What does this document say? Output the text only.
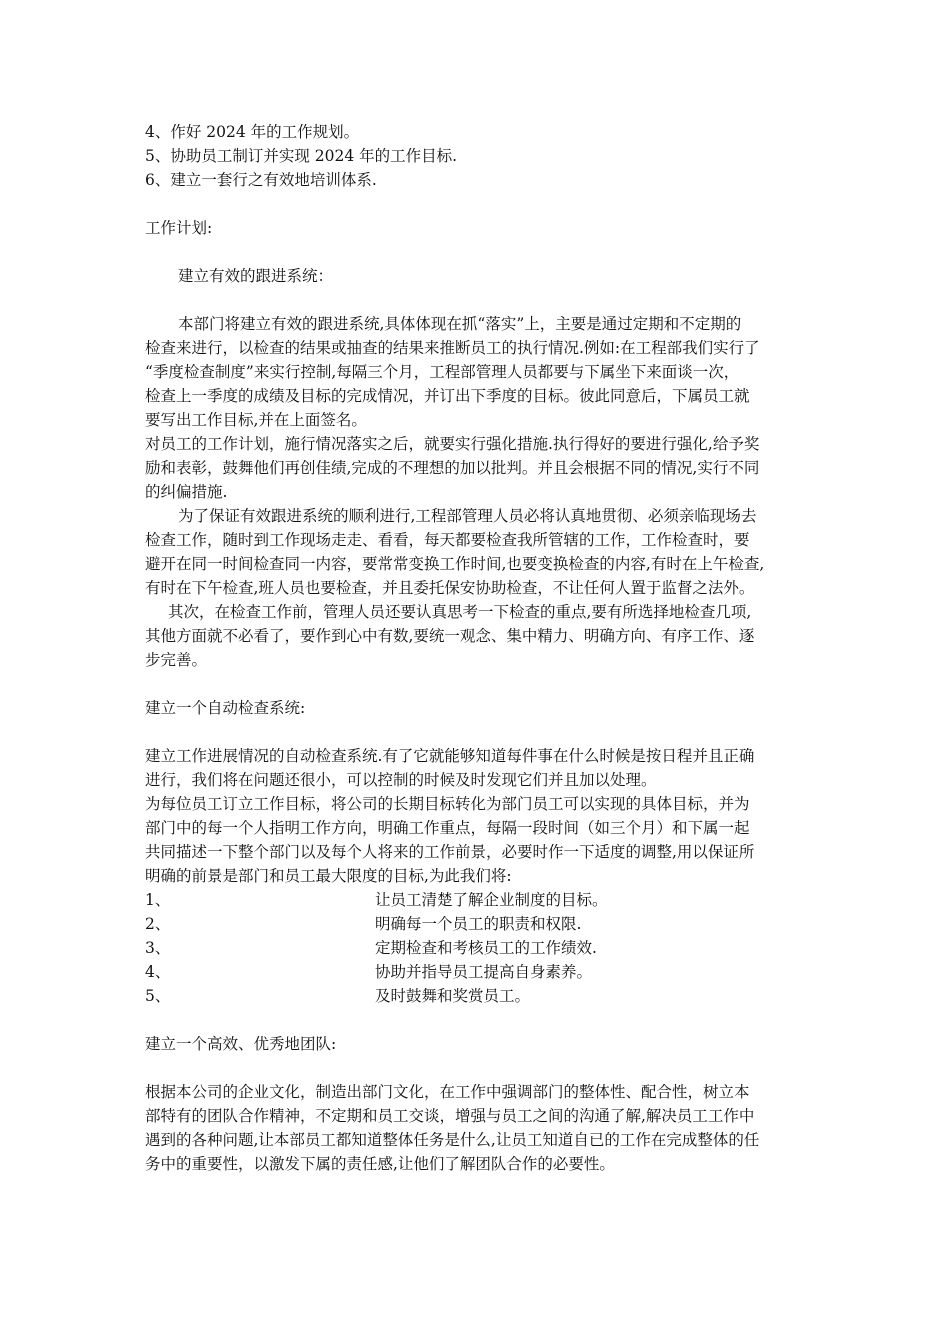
4、作好 2024 年的工作规划。
5、协助员工制订并实现 2024 年的工作目标.
6、建立一套行之有效地培训体系.
工作计划:
建立有效的跟进系统：
本部门将建立有效的跟进系统,具体体现在抓“落实”上，主要是通过定期和不定期的
检查来进行，以检查的结果或抽查的结果来推断员工的执行情况.例如:在工程部我们实行了
“季度检查制度”来实行控制,每隔三个月，工程部管理人员都要与下属坐下来面谈一次，
检查上一季度的成绩及目标的完成情况，并订出下季度的目标。彼此同意后，下属员工就
要写出工作目标,并在上面签名。
对员工的工作计划，施行情况落实之后，就要实行强化措施.执行得好的要进行强化,给予奖
励和表彰，鼓舞他们再创佳绩,完成的不理想的加以批判。并且会根据不同的情况,实行不同
的纠偏措施.
为了保证有效跟进系统的顺利进行,工程部管理人员必将认真地贯彻、必须亲临现场去
检查工作，随时到工作现场走走、看看，每天都要检查我所管辖的工作，工作检查时，要
避开在同一时间检查同一内容，要常常变换工作时间,也要变换检查的内容,有时在上午检查,
有时在下午检查,班人员也要检查，并且委托保安协助检查，不让任何人置于监督之法外。
其次，在检查工作前，管理人员还要认真思考一下检查的重点,要有所选择地检查几项,
其他方面就不必看了，要作到心中有数,要统一观念、集中精力、明确方向、有序工作、逐
步完善。
建立一个自动检查系统:
建立工作进展情况的自动检查系统.有了它就能够知道每件事在什么时候是按日程并且正确
进行，我们将在问题还很小，可以控制的时候及时发现它们并且加以处理。
为每位员工订立工作目标，将公司的长期目标转化为部门员工可以实现的具体目标，并为
部门中的每一个人指明工作方向，明确工作重点，每隔一段时间（如三个月）和下属一起
共同描述一下整个部门以及每个人将来的工作前景，必要时作一下适度的调整,用以保证所
明确的前景是部门和员工最大限度的目标,为此我们将:
1、	让员工清楚了解企业制度的目标。
2、	明确每一个员工的职责和权限.
3、	定期检查和考核员工的工作绩效.
4、	协助并指导员工提高自身素养。
5、	及时鼓舞和奖赏员工。
建立一个高效、优秀地团队:
根据本公司的企业文化，制造出部门文化，在工作中强调部门的整体性、配合性，树立本
部特有的团队合作精神，不定期和员工交谈，增强与员工之间的沟通了解,解决员工工作中
遇到的各种问题,让本部员工都知道整体任务是什么,让员工知道自已的工作在完成整体的任
务中的重要性，以激发下属的责任感,让他们了解团队合作的必要性。
